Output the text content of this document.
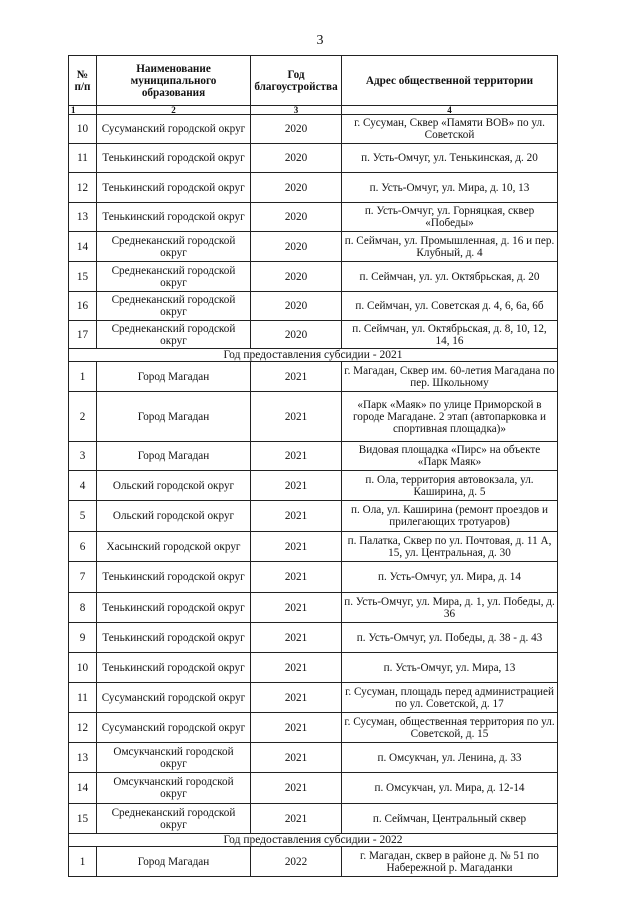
3
№ п/п	Наименование муниципального образования	Год благоустройства	Адрес общественной территории
1	2	3	4
10	Сусуманский городской округ	2020	г. Сусуман, Сквер «Памяти ВОВ» по ул. Советской
11	Тенькинский городской округ	2020	п. Усть-Омчуг, ул. Тенькинская, д. 20
12	Тенькинский городской округ	2020	п. Усть-Омчуг, ул. Мира, д. 10, 13
13	Тенькинский городской округ	2020	п. Усть-Омчуг, ул. Горняцкая, сквер «Победы»
14	Среднеканский городской округ	2020	п. Сеймчан, ул. Промышленная, д. 16 и пер. Клубный, д. 4
15	Среднеканский городской округ	2020	п. Сеймчан, ул. ул. Октябрьская, д. 20
16	Среднеканский городской округ	2020	п. Сеймчан, ул. Советская д. 4, 6, 6а, 6б
17	Среднеканский городской округ	2020	п. Сеймчан, ул. Октябрьская, д. 8, 10, 12, 14, 16
Год предоставления субсидии - 2021			
1	Город Магадан	2021	г. Магадан, Сквер им. 60-летия Магадана по пер. Школьному
2	Город Магадан	2021	«Парк «Маяк» по улице Приморской в городе Магадане. 2 этап (автопарковка и спортивная площадка)»
3	Город Магадан	2021	Видовая площадка «Пирс» на объекте «Парк Маяк»
4	Ольский городской округ	2021	п. Ола, территория автовокзала, ул. Каширина, д. 5
5	Ольский городской округ	2021	п. Ола, ул. Каширина (ремонт проездов и прилегающих тротуаров)
6	Хасынский городской округ	2021	п. Палатка, Сквер по ул. Почтовая, д. 11 А, 15, ул. Центральная, д. 30
7	Тенькинский городской округ	2021	п. Усть-Омчуг, ул. Мира, д. 14
8	Тенькинский городской округ	2021	п. Усть-Омчуг, ул. Мира, д. 1, ул. Победы, д. 36
9	Тенькинский городской округ	2021	п. Усть-Омчуг, ул. Победы, д. 38 - д. 43
10	Тенькинский городской округ	2021	п. Усть-Омчуг, ул. Мира, 13
11	Сусуманский городской округ	2021	г. Сусуман, площадь перед администрацией по ул. Советской, д. 17
12	Сусуманский городской округ	2021	г. Сусуман, общественная территория по ул. Советской, д. 15
13	Омсукчанский городской округ	2021	п. Омсукчан, ул. Ленина, д. 33
14	Омсукчанский городской округ	2021	п. Омсукчан, ул. Мира, д. 12-14
15	Среднеканский городской округ	2021	п. Сеймчан, Центральный сквер
Год предоставления субсидии - 2022			
1	Город Магадан	2022	г. Магадан, сквер в районе д. № 51 по Набережной р. Магаданки
